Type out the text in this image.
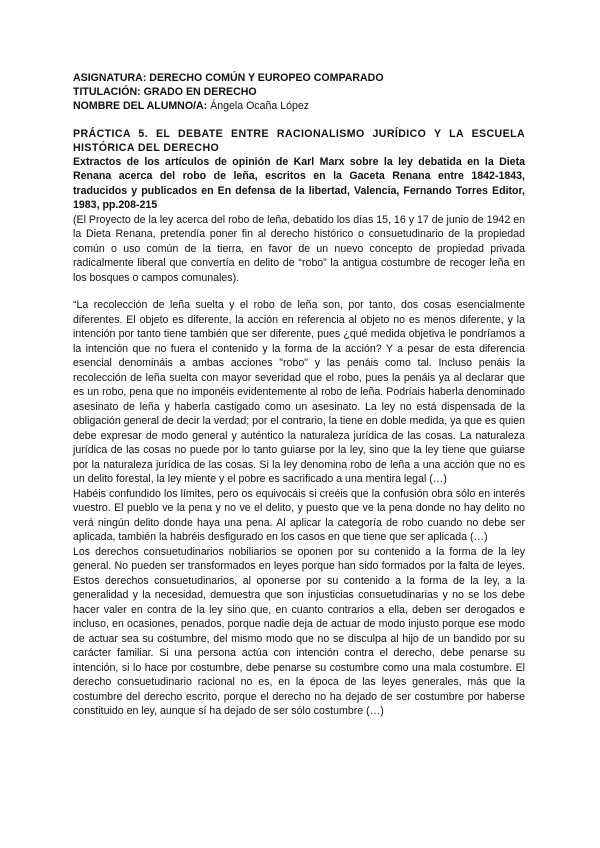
ASIGNATURA: DERECHO COMÚN Y EUROPEO COMPARADO

TITULACIÓN: GRADO EN DERECHO

NOMBRE DEL ALUMNO/A: Ángela Ocaña López

PRÁCTICA 5. EL DEBATE ENTRE RACIONALISMO JURÍDICO Y LA ESCUELA HISTÓRICA DEL DERECHO

Extractos de los artículos de opinión de Karl Marx sobre la ley debatida en la Dieta Renana acerca del robo de leña, escritos en la Gaceta Renana entre 1842-1843, traducidos y publicados en En defensa de la libertad, Valencia, Fernando Torres Editor, 1983, pp.208-215

(El Proyecto de la ley acerca del robo de leña, debatido los días 15, 16 y 17 de junio de 1942 en la Dieta Renana, pretendía poner fin al derecho histórico o consuetudinario de la propiedad común o uso común de la tierra, en favor de un nuevo concepto de propiedad privada radicalmente liberal que convertía en delito de “robo” la antigua costumbre de recoger leña en los bosques o campos comunales).

“La recolección de leña suelta y el robo de leña son, por tanto, dos cosas esencialmente diferentes. El objeto es diferente, la acción en referencia al objeto no es menos diferente, y la intención por tanto tiene también que ser diferente, pues ¿qué medida objetiva le pondríamos a la intención que no fuera el contenido y la forma de la acción? Y a pesar de esta diferencia esencial denomináis a ambas acciones "robo" y las penáis como tal. Incluso penáis la recolección de leña suelta con mayor severidad que el robo, pues la penáis ya al declarar que es un robo, pena que no imponéis evidentemente al robo de leña. Podríais haberla denominado asesinato de leña y haberla castigado como un asesinato. La ley no está dispensada de la obligación general de decir la verdad; por el contrario, la tiene en doble medida, ya que es quien debe expresar de modo general y auténtico la naturaleza jurídica de las cosas. La naturaleza jurídica de las cosas no puede por lo tanto guiarse por la ley, sino que la ley tiene que guiarse por la naturaleza jurídica de las cosas. Si la ley denomina robo de leña a una acción que no es un delito forestal, la ley miente y el pobre es sacrificado a una mentira legal (…)

Habéis confundido los límites, pero os equivocáis si creéis que la confusión obra sólo en interés vuestro. El pueblo ve la pena y no ve el delito, y puesto que ve la pena donde no hay delito no verá ningún delito donde haya una pena. Al aplicar la categoría de robo cuando no debe ser aplicada, también la habréis desfigurado en los casos en que tiene que ser aplicada (…)

Los derechos consuetudinarios nobiliarios se oponen por su contenido a la forma de la ley general. No pueden ser transformados en leyes porque han sido formados por la falta de leyes. Estos derechos consuetudinarios, al oponerse por su contenido a la forma de la ley, a la generalidad y la necesidad, demuestra que son injusticias consuetudinarias y no se los debe hacer valer en contra de la ley sino que, en cuanto contrarios a ella, deben ser derogados e incluso, en ocasiones, penados, porque nadie deja de actuar de modo injusto porque ese modo de actuar sea su costumbre, del mismo modo que no se disculpa al hijo de un bandido por su carácter familiar. Si una persona actúa con intención contra el derecho, debe penarse su intención, si lo hace por costumbre, debe penarse su costumbre como una mala costumbre. El derecho consuetudinario racional no es, en la época de las leyes generales, más que la costumbre del derecho escrito, porque el derecho no ha dejado de ser costumbre por haberse constituido en ley, aunque sí ha dejado de ser sólo costumbre (…)
